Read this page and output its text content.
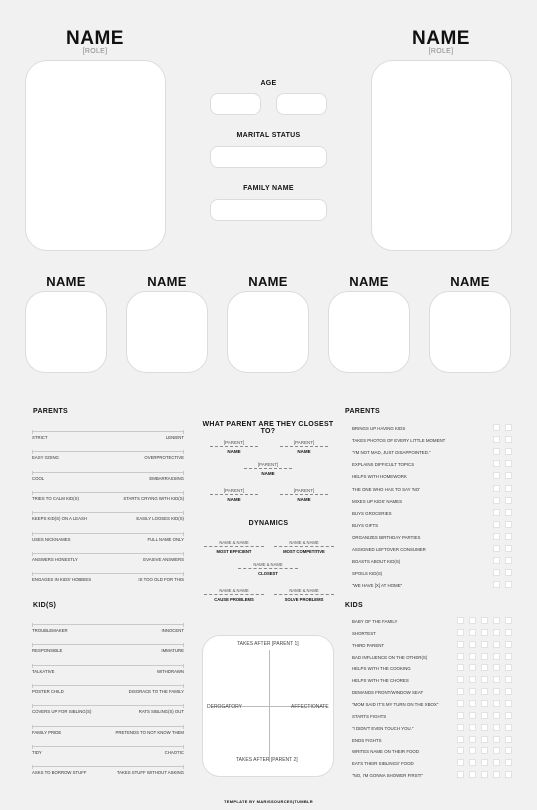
NAME
[ROLE]
NAME
[ROLE]
AGE
MARITAL STATUS
FAMILY NAME
NAME	NAME	NAME	NAME	NAME
PARENTS
STRICT	LENIENT
EASY GOING	OVERPROTECTIVE
COOL	EMBARRASSING
TRIES TO CALM KID(S)	STARTS CRYING WITH KID(S)
KEEPS KID(S) ON A LEASH	EASILY LOOSES KID(S)
USES NICKNAMES	FULL NAME ONLY
ANSWERS HONESTLY	EVASIVE ANSWERS
ENGAGES IN KIDS' HOBBIES	IS TOO OLD FOR THIS
KID(S)
TROUBLEMAKER	INNOCENT
RESPONSIBLE	IMMATURE
TALKATIVE	WITHDRAWN
POSTER CHILD	DISGRACE TO THE FAMILY
COVERS UP FOR SIBLING(S)	RATS SIBLING(S) OUT
FAMILY PRIDE	PRETENDS TO NOT KNOW THEM
TIDY	CHAOTIC
ASKS TO BORROW STUFF	TAKES STUFF WITHOUT ASKING
WHAT PARENT ARE THEY CLOSEST TO?
[PARENT]
NAME
[PARENT]
NAME
[PARENT]
NAME
[PARENT]
NAME
[PARENT]
NAME
DYNAMICS
NAME & NAME
MOST EFFICIENT
NAME & NAME
MOST COMPETITIVE
NAME & NAME
CLOSEST
NAME & NAME
CAUSE PROBLEMS
NAME & NAME
SOLVE PROBLEMS
TAKES AFTER [PARENT 1]
TAKES AFTER [PARENT 2]
DEROGATORY	AFFECTIONATE
PARENTS
BRINGS UP HAVING KIDS
TAKES PHOTOS OF EVERY LITTLE MOMENT
"I'M NOT MAD, JUST DISAPPOINTED."
EXPLAINS DIFFICULT TOPICS
HELPS WITH HOMEWORK
THE ONE WHO HAS TO SAY 'NO'
MIXES UP KIDS' NAMES
BUYS GROCERIES
BUYS GIFTS
ORGANIZES BIRTHDAY PARTIES
ASSIGNED LEFTOVER CONSUMER
BOASTS ABOUT KID(S)
SPOILS KID(S)
"WE HAVE [X] AT HOME"
KIDS
BABY OF THE FAMILY
SHORTEST
THIRD PARENT
BAD INFLUENCE ON THE OTHER(S)
HELPS WITH THE COOKING
HELPS WITH THE CHORES
DEMANDS FRONT/WINDOW SEAT
"MOM SAID IT'S MY TURN ON THE XBOX"
STARTS FIGHTS
"I DIDN'T EVEN TOUCH YOU."
ENDS FIGHTS
WRITES NAME ON THEIR FOOD
EATS THEIR SIBLINGS' FOOD
"NO, I'M GONNA SHOWER FIRST!"
TEMPLATE BY MARISSOURCES|TUMBLR
